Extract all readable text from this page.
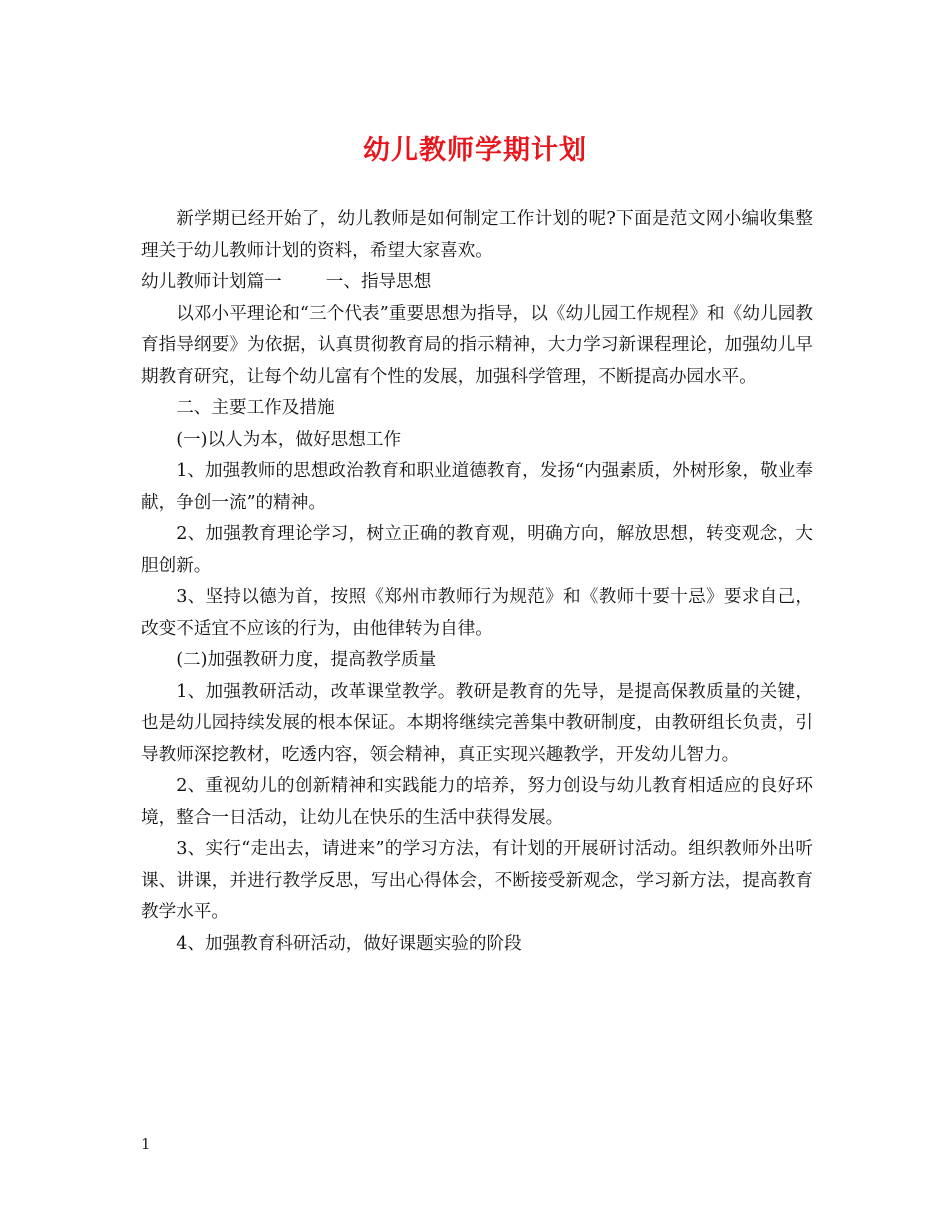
幼儿教师学期计划

新学期已经开始了，幼儿教师是如何制定工作计划的呢?下面是范文网小编收集整理关于幼儿教师计划的资料，希望大家喜欢。

幼儿教师计划篇一	一、指导思想

以邓小平理论和“三个代表”重要思想为指导，以《幼儿园工作规程》和《幼儿园教育指导纲要》为依据，认真贯彻教育局的指示精神，大力学习新课程理论，加强幼儿早期教育研究，让每个幼儿富有个性的发展，加强科学管理，不断提高办园水平。

二、主要工作及措施

(一)以人为本，做好思想工作

1、加强教师的思想政治教育和职业道德教育，发扬“内强素质，外树形象，敬业奉献，争创一流”的精神。

2、加强教育理论学习，树立正确的教育观，明确方向，解放思想，转变观念，大胆创新。

3、坚持以德为首，按照《郑州市教师行为规范》和《教师十要十忌》要求自己，改变不适宜不应该的行为，由他律转为自律。

(二)加强教研力度，提高教学质量

1、加强教研活动，改革课堂教学。教研是教育的先导，是提高保教质量的关键，也是幼儿园持续发展的根本保证。本期将继续完善集中教研制度，由教研组长负责，引导教师深挖教材，吃透内容，领会精神，真正实现兴趣教学，开发幼儿智力。

2、重视幼儿的创新精神和实践能力的培养，努力创设与幼儿教育相适应的良好环境，整合一日活动，让幼儿在快乐的生活中获得发展。

3、实行“走出去，请进来”的学习方法，有计划的开展研讨活动。组织教师外出听课、讲课，并进行教学反思，写出心得体会，不断接受新观念，学习新方法，提高教育教学水平。

4、加强教育科研活动，做好课题实验的阶段

1
